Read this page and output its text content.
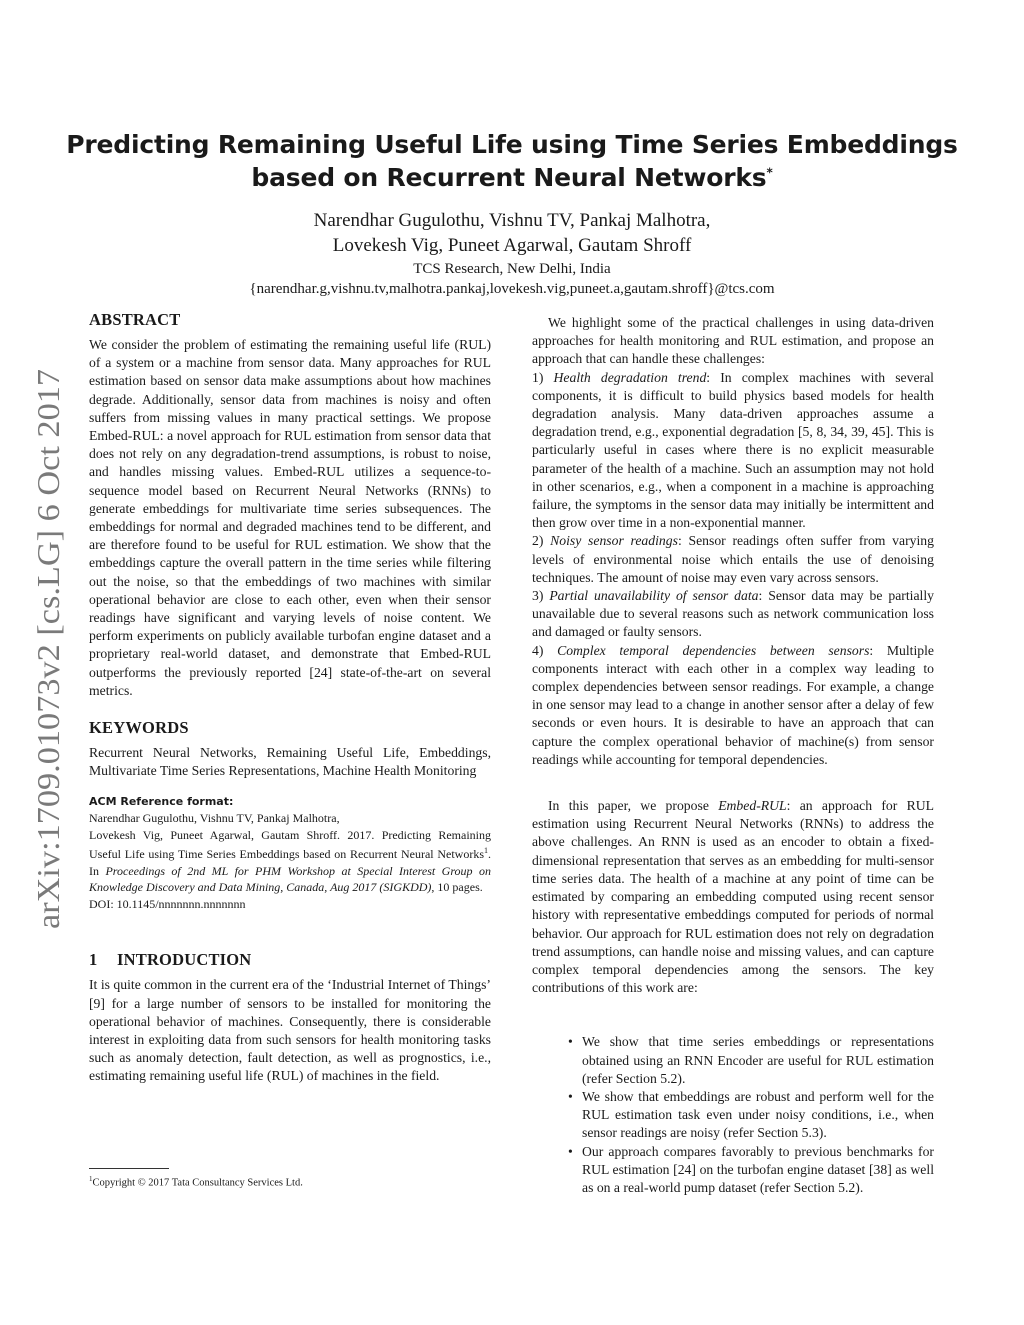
arXiv:1709.01073v2 [cs.LG] 6 Oct 2017
Predicting Remaining Useful Life using Time Series Embeddings
based on Recurrent Neural Networks*
Narendhar Gugulothu, Vishnu TV, Pankaj Malhotra,
Lovekesh Vig, Puneet Agarwal, Gautam Shroff
TCS Research, New Delhi, India
{narendhar.g,vishnu.tv,malhotra.pankaj,lovekesh.vig,puneet.a,gautam.shroff}@tcs.com
ABSTRACT

We consider the problem of estimating the remaining useful life (RUL) of a system or a machine from sensor data. Many approaches for RUL estimation based on sensor data make assumptions about how machines degrade. Additionally, sensor data from machines is noisy and often suffers from missing values in many practical settings. We propose Embed-RUL: a novel approach for RUL estimation from sensor data that does not rely on any degradation-trend assumptions, is robust to noise, and handles missing values. Embed-RUL utilizes a sequence-to-sequence model based on Recurrent Neural Networks (RNNs) to generate embeddings for multivariate time series subsequences. The embeddings for normal and degraded machines tend to be different, and are therefore found to be useful for RUL estimation. We show that the embeddings capture the overall pattern in the time series while filtering out the noise, so that the embeddings of two machines with similar operational behavior are close to each other, even when their sensor readings have significant and varying levels of noise content. We perform experiments on publicly available turbofan engine dataset and a proprietary real-world dataset, and demonstrate that Embed-RUL outperforms the previously reported [24] state-of-the-art on several metrics.

KEYWORDS

Recurrent Neural Networks, Remaining Useful Life, Embeddings, Multivariate Time Series Representations, Machine Health Monitoring

ACM Reference format:
Narendhar Gugulothu, Vishnu TV, Pankaj Malhotra,
Lovekesh Vig, Puneet Agarwal, Gautam Shroff. 2017. Predicting Remaining Useful Life using Time Series Embeddings based on Recurrent Neural Networks$^1$. In Proceedings of 2nd ML for PHM Workshop at Special Interest Group on Knowledge Discovery and Data Mining, Canada, Aug 2017 (SIGKDD), 10 pages.
DOI: 10.1145/nnnnnnn.nnnnnnn
1 INTRODUCTION

It is quite common in the current era of the ‘Industrial Internet of Things’ [9] for a large number of sensors to be installed for monitoring the operational behavior of machines. Consequently, there is considerable interest in exploiting data from such sensors for health monitoring tasks such as anomaly detection, fault detection, as well as prognostics, i.e., estimating remaining useful life (RUL) of machines in the field.

$^1$Copyright © 2017 Tata Consultancy Services Ltd.

We highlight some of the practical challenges in using data-driven approaches for health monitoring and RUL estimation, and propose an approach that can handle these challenges:

1) Health degradation trend: In complex machines with several components, it is difficult to build physics based models for health degradation analysis. Many data-driven approaches assume a degradation trend, e.g., exponential degradation [5, 8, 34, 39, 45]. This is particularly useful in cases where there is no explicit measurable parameter of the health of a machine. Such an assumption may not hold in other scenarios, e.g., when a component in a machine is approaching failure, the symptoms in the sensor data may initially be intermittent and then grow over time in a non-exponential manner.

2) Noisy sensor readings: Sensor readings often suffer from varying levels of environmental noise which entails the use of denoising techniques. The amount of noise may even vary across sensors.

3) Partial unavailability of sensor data: Sensor data may be partially unavailable due to several reasons such as network communication loss and damaged or faulty sensors.

4) Complex temporal dependencies between sensors: Multiple components interact with each other in a complex way leading to complex dependencies between sensor readings. For example, a change in one sensor may lead to a change in another sensor after a delay of few seconds or even hours. It is desirable to have an approach that can capture the complex operational behavior of machine(s) from sensor readings while accounting for temporal dependencies.

In this paper, we propose Embed-RUL: an approach for RUL estimation using Recurrent Neural Networks (RNNs) to address the above challenges. An RNN is used as an encoder to obtain a fixed-dimensional representation that serves as an embedding for multi-sensor time series data. The health of a machine at any point of time can be estimated by comparing an embedding computed using recent sensor history with representative embeddings computed for periods of normal behavior. Our approach for RUL estimation does not rely on degradation trend assumptions, can handle noise and missing values, and can capture complex temporal dependencies among the sensors. The key contributions of this work are:

• We show that time series embeddings or representations obtained using an RNN Encoder are useful for RUL estimation (refer Section 5.2).
• We show that embeddings are robust and perform well for the RUL estimation task even under noisy conditions, i.e., when sensor readings are noisy (refer Section 5.3).
• Our approach compares favorably to previous benchmarks for RUL estimation [24] on the turbofan engine dataset [38] as well as on a real-world pump dataset (refer Section 5.2).
